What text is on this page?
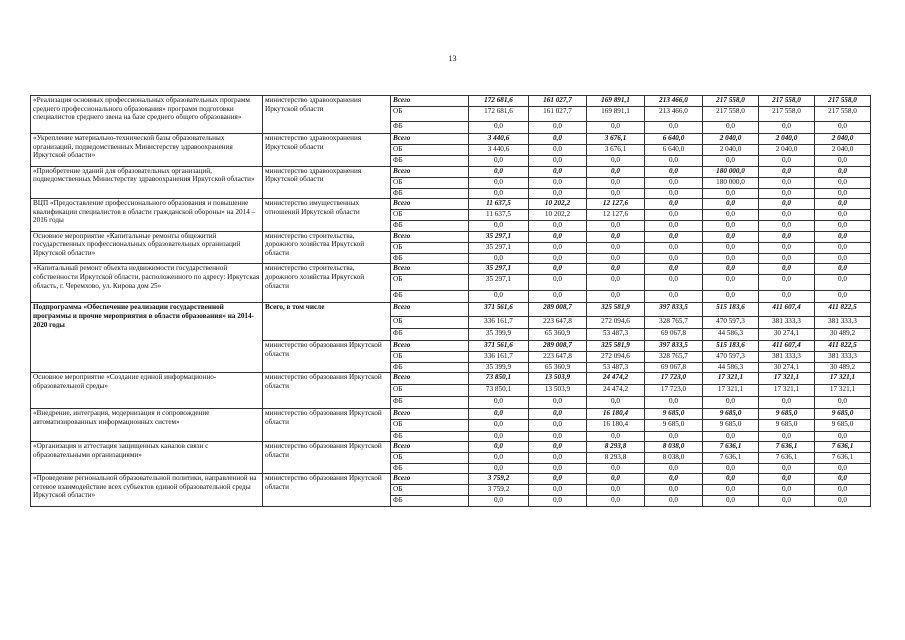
13
«Реализация основных профессиональных образовательных программ среднего профессионального образования» программ подготовки специалистов среднего звена на базе среднего общего образования»	министерство здравоохранения Иркутской области	Всего	172 681,6	161 027,7	169 891,1	213 466,0	217 558,0	217 558,0	217 558,0
		ОБ	172 681,6	161 027,7	169 891,1	213 466,0	217 558,0	217 558,0	217 558,0
		ФБ	0,0	0,0	0,0	0,0	0,0	0,0	0,0
«Укрепление материально-технической базы образовательных организаций, подведомственных Министерству здравоохранения Иркутской области»	министерство здравоохранения Иркутской области	Всего	3 440,6	0,0	3 676,1	6 640,0	2 040,0	2 040,0	2 040,0
		ОБ	3 440,6	0,0	3 676,1	6 640,0	2 040,0	2 040,0	2 040,0
		ФБ	0,0	0,0	0,0	0,0	0,0	0,0	0,0
«Приобретение зданий для образовательных организаций, подведомственных Министерству здравоохранения Иркутской области»	министерство здравоохранения Иркутской области	Всего	0,0	0,0	0,0	0,0	180 000,0	0,0	0,0
		ОБ	0,0	0,0	0,0	0,0	180 000,0	0,0	0,0
		ФБ	0,0	0,0	0,0	0,0	0,0	0,0	0,0
ВЦП «Предоставление профессионального образования и повышение квалификации специалистов в области гражданской обороны» на 2014 – 2016 годы	министерство имущественных отношений Иркутской области	Всего	11 637,5	10 202,2	12 127,6	0,0	0,0	0,0	0,0
		ОБ	11 637,5	10 202,2	12 127,6	0,0	0,0	0,0	0,0
		ФБ	0,0	0,0	0,0	0,0	0,0	0,0	0,0
Основное мероприятие «Капитальные ремонты общежитий государственных профессиональных образовательных организаций Иркутской области»	министерство строительства, дорожного хозяйства Иркутской области	Всего	35 297,1	0,0	0,0	0,0	0,0	0,0	0,0
		ОБ	35 297,1	0,0	0,0	0,0	0,0	0,0	0,0
		ФБ	0,0	0,0	0,0	0,0	0,0	0,0	0,0
«Капитальный ремонт объекта недвижимости государственной собственности Иркутской области, расположенного по адресу: Иркутская область, г. Черемхово, ул. Кирова дом 25»	министерство строительства, дорожного хозяйства Иркутской области	Всего	35 297,1	0,0	0,0	0,0	0,0	0,0	0,0
		ОБ	35 297,1	0,0	0,0	0,0	0,0	0,0	0,0
		ФБ	0,0	0,0	0,0	0,0	0,0	0,0	0,0
Подпрограмма «Обеспечение реализации государственной программы и прочие мероприятия в области образования» на 2014-2020 годы	Всего, в том числе	Всего	371 561,6	289 008,7	325 581,9	397 833,5	515 183,6	411 607,4	411 822,5
		ОБ	336 161,7	223 647,8	272 094,6	328 765,7	470 597,3	381 333,3	381 333,3
		ФБ	35 399,9	65 360,9	53 487,3	69 067,8	44 586,3	30 274,1	30 489,2
	министерство образования Иркутской области	Всего	371 561,6	289 008,7	325 581,9	397 833,5	515 183,6	411 607,4	411 822,5
		ОБ	336 161,7	223 647,8	272 094,6	328 765,7	470 597,3	381 333,3	381 333,3
		ФБ	35 399,9	65 360,9	53 487,3	69 067,8	44 586,3	30 274,1	30 489,2
Основное мероприятие «Создание единой информационно-образовательной среды»	министерство образования Иркутской области	Всего	73 850,1	13 503,9	24 474,2	17 723,0	17 321,1	17 321,1	17 321,1
		ОБ	73 850,1	13 503,9	24 474,2	17 723,0	17 321,1	17 321,1	17 321,1
		ФБ	0,0	0,0	0,0	0,0	0,0	0,0	0,0
«Внедрение, интеграция, модернизация и сопровождение автоматизированных информационных систем»	министерство образования Иркутской области	Всего	0,0	0,0	16 180,4	9 685,0	9 685,0	9 685,0	9 685,0
		ОБ	0,0	0,0	16 180,4	9 685,0	9 685,0	9 685,0	9 685,0
		ФБ	0,0	0,0	0,0	0,0	0,0	0,0	0,0
«Организация и аттестация защищенных каналов связи с образовательными организациями»	министерство образования Иркутской области	Всего	0,0	0,0	8 293,8	8 038,0	7 636,1	7 636,1	7 636,1
		ОБ	0,0	0,0	8 293,8	8 038,0	7 636,1	7 636,1	7 636,1
		ФБ	0,0	0,0	0,0	0,0	0,0	0,0	0,0
«Проведение региональной образовательной политики, направленной на сетевое взаимодействие всех субъектов единой образовательной среды Иркутской области»	министерство образования Иркутской области	Всего	3 759,2	0,0	0,0	0,0	0,0	0,0	0,0
		ОБ	3 759,2	0,0	0,0	0,0	0,0	0,0	0,0
		ФБ	0,0	0,0	0,0	0,0	0,0	0,0	0,0
